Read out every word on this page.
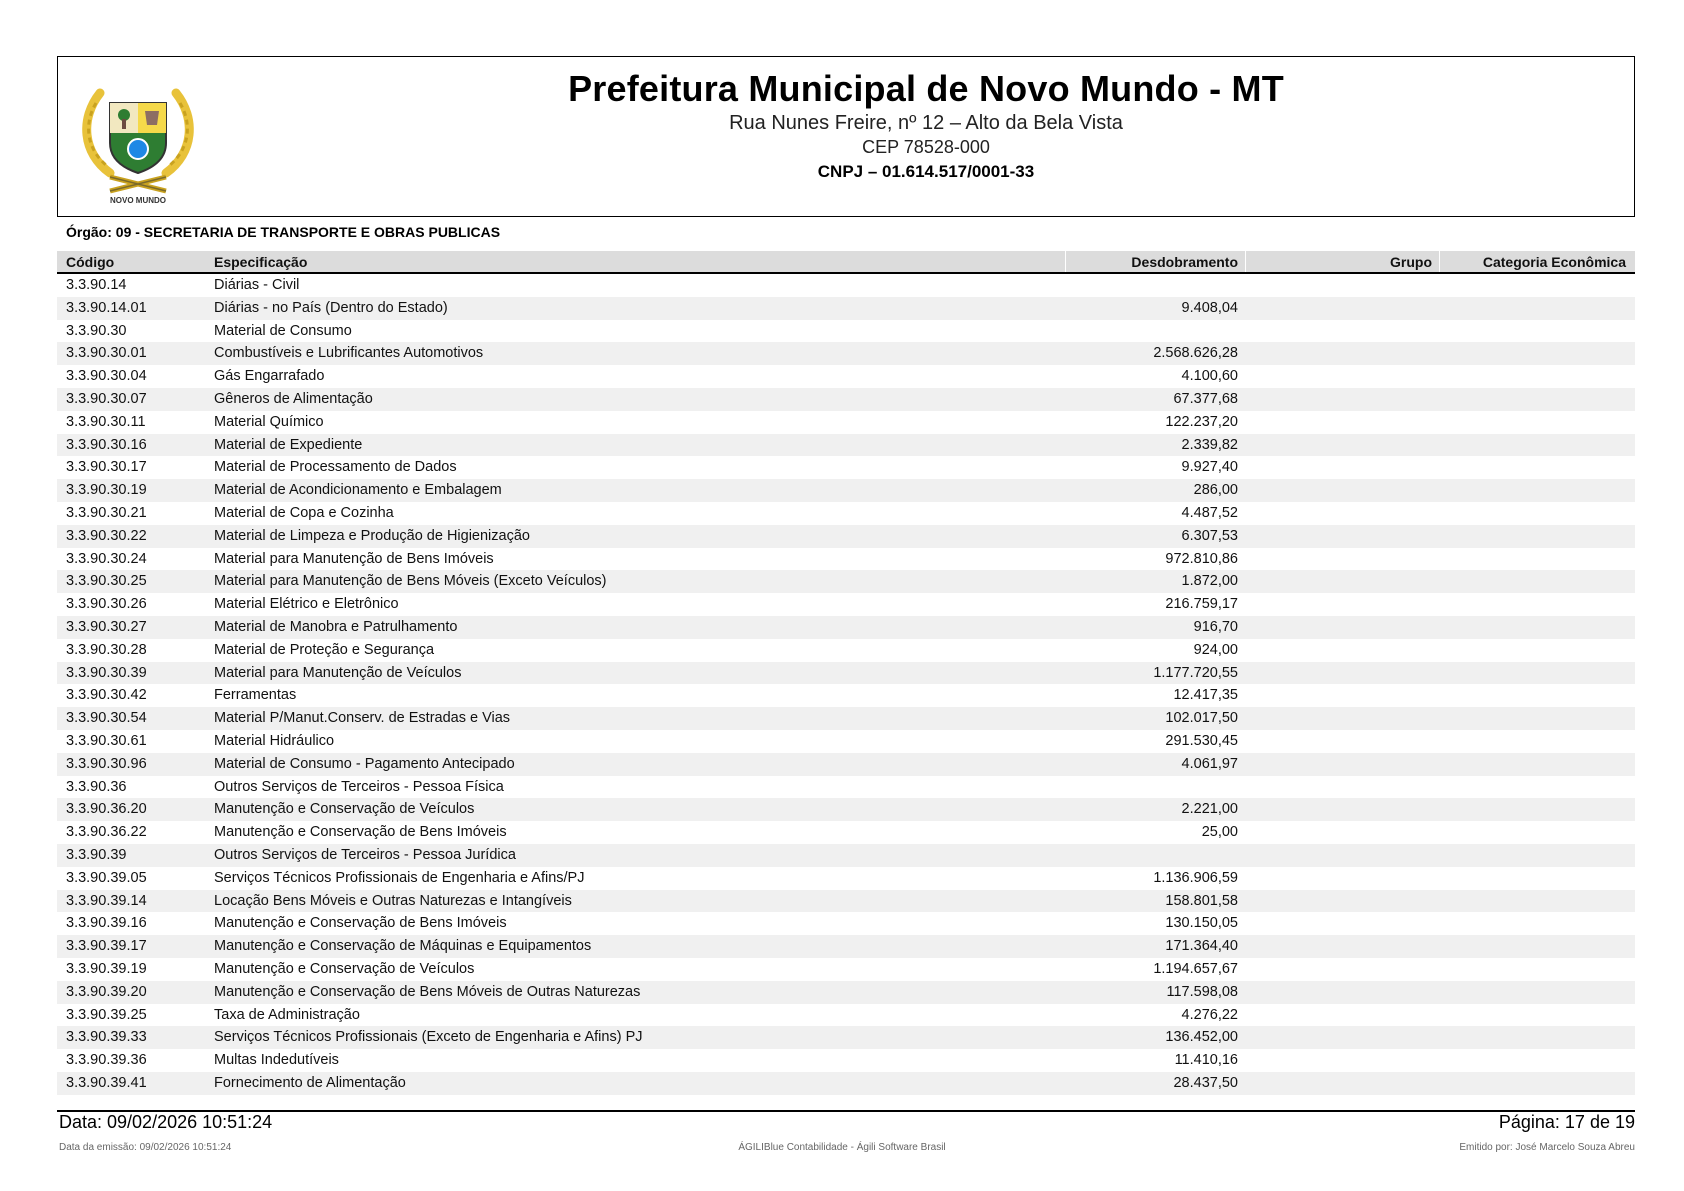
NOVO MUNDO
Prefeitura Municipal de Novo Mundo - MT
Rua Nunes Freire, nº 12 – Alto da Bela Vista
CEP 78528-000
CNPJ – 01.614.517/0001-33
Órgão: 09 - SECRETARIA DE TRANSPORTE E OBRAS PUBLICAS
Código	Especificação	Desdobramento	Grupo	Categoria Econômica
3.3.90.14	Diárias - Civil
3.3.90.14.01	Diárias - no País (Dentro do Estado)	9.408,04
3.3.90.30	Material de Consumo
3.3.90.30.01	Combustíveis e Lubrificantes Automotivos	2.568.626,28
3.3.90.30.04	Gás Engarrafado	4.100,60
3.3.90.30.07	Gêneros de Alimentação	67.377,68
3.3.90.30.11	Material Químico	122.237,20
3.3.90.30.16	Material de Expediente	2.339,82
3.3.90.30.17	Material de Processamento de Dados	9.927,40
3.3.90.30.19	Material de Acondicionamento e Embalagem	286,00
3.3.90.30.21	Material de Copa e Cozinha	4.487,52
3.3.90.30.22	Material de Limpeza e Produção de Higienização	6.307,53
3.3.90.30.24	Material para Manutenção de Bens Imóveis	972.810,86
3.3.90.30.25	Material para Manutenção de Bens Móveis (Exceto Veículos)	1.872,00
3.3.90.30.26	Material Elétrico e Eletrônico	216.759,17
3.3.90.30.27	Material de Manobra e Patrulhamento	916,70
3.3.90.30.28	Material de Proteção e Segurança	924,00
3.3.90.30.39	Material para Manutenção de Veículos	1.177.720,55
3.3.90.30.42	Ferramentas	12.417,35
3.3.90.30.54	Material P/Manut.Conserv. de Estradas e Vias	102.017,50
3.3.90.30.61	Material Hidráulico	291.530,45
3.3.90.30.96	Material de Consumo - Pagamento Antecipado	4.061,97
3.3.90.36	Outros Serviços de Terceiros - Pessoa Física
3.3.90.36.20	Manutenção e Conservação de Veículos	2.221,00
3.3.90.36.22	Manutenção e Conservação de Bens Imóveis	25,00
3.3.90.39	Outros Serviços de Terceiros - Pessoa Jurídica
3.3.90.39.05	Serviços Técnicos Profissionais de Engenharia e Afins/PJ	1.136.906,59
3.3.90.39.14	Locação Bens Móveis e Outras Naturezas e Intangíveis	158.801,58
3.3.90.39.16	Manutenção e Conservação de Bens Imóveis	130.150,05
3.3.90.39.17	Manutenção e Conservação de Máquinas e Equipamentos	171.364,40
3.3.90.39.19	Manutenção e Conservação de Veículos	1.194.657,67
3.3.90.39.20	Manutenção e Conservação de Bens Móveis de Outras Naturezas	117.598,08
3.3.90.39.25	Taxa de Administração	4.276,22
3.3.90.39.33	Serviços Técnicos Profissionais (Exceto de Engenharia e Afins) PJ	136.452,00
3.3.90.39.36	Multas Indedutíveis	11.410,16
3.3.90.39.41	Fornecimento de Alimentação	28.437,50
Data: 09/02/2026 10:51:24	Página: 17 de 19
Data da emissão: 09/02/2026 10:51:24	ÁGILIBlue Contabilidade - Ágili Software Brasil	Emitido por: José Marcelo Souza Abreu
